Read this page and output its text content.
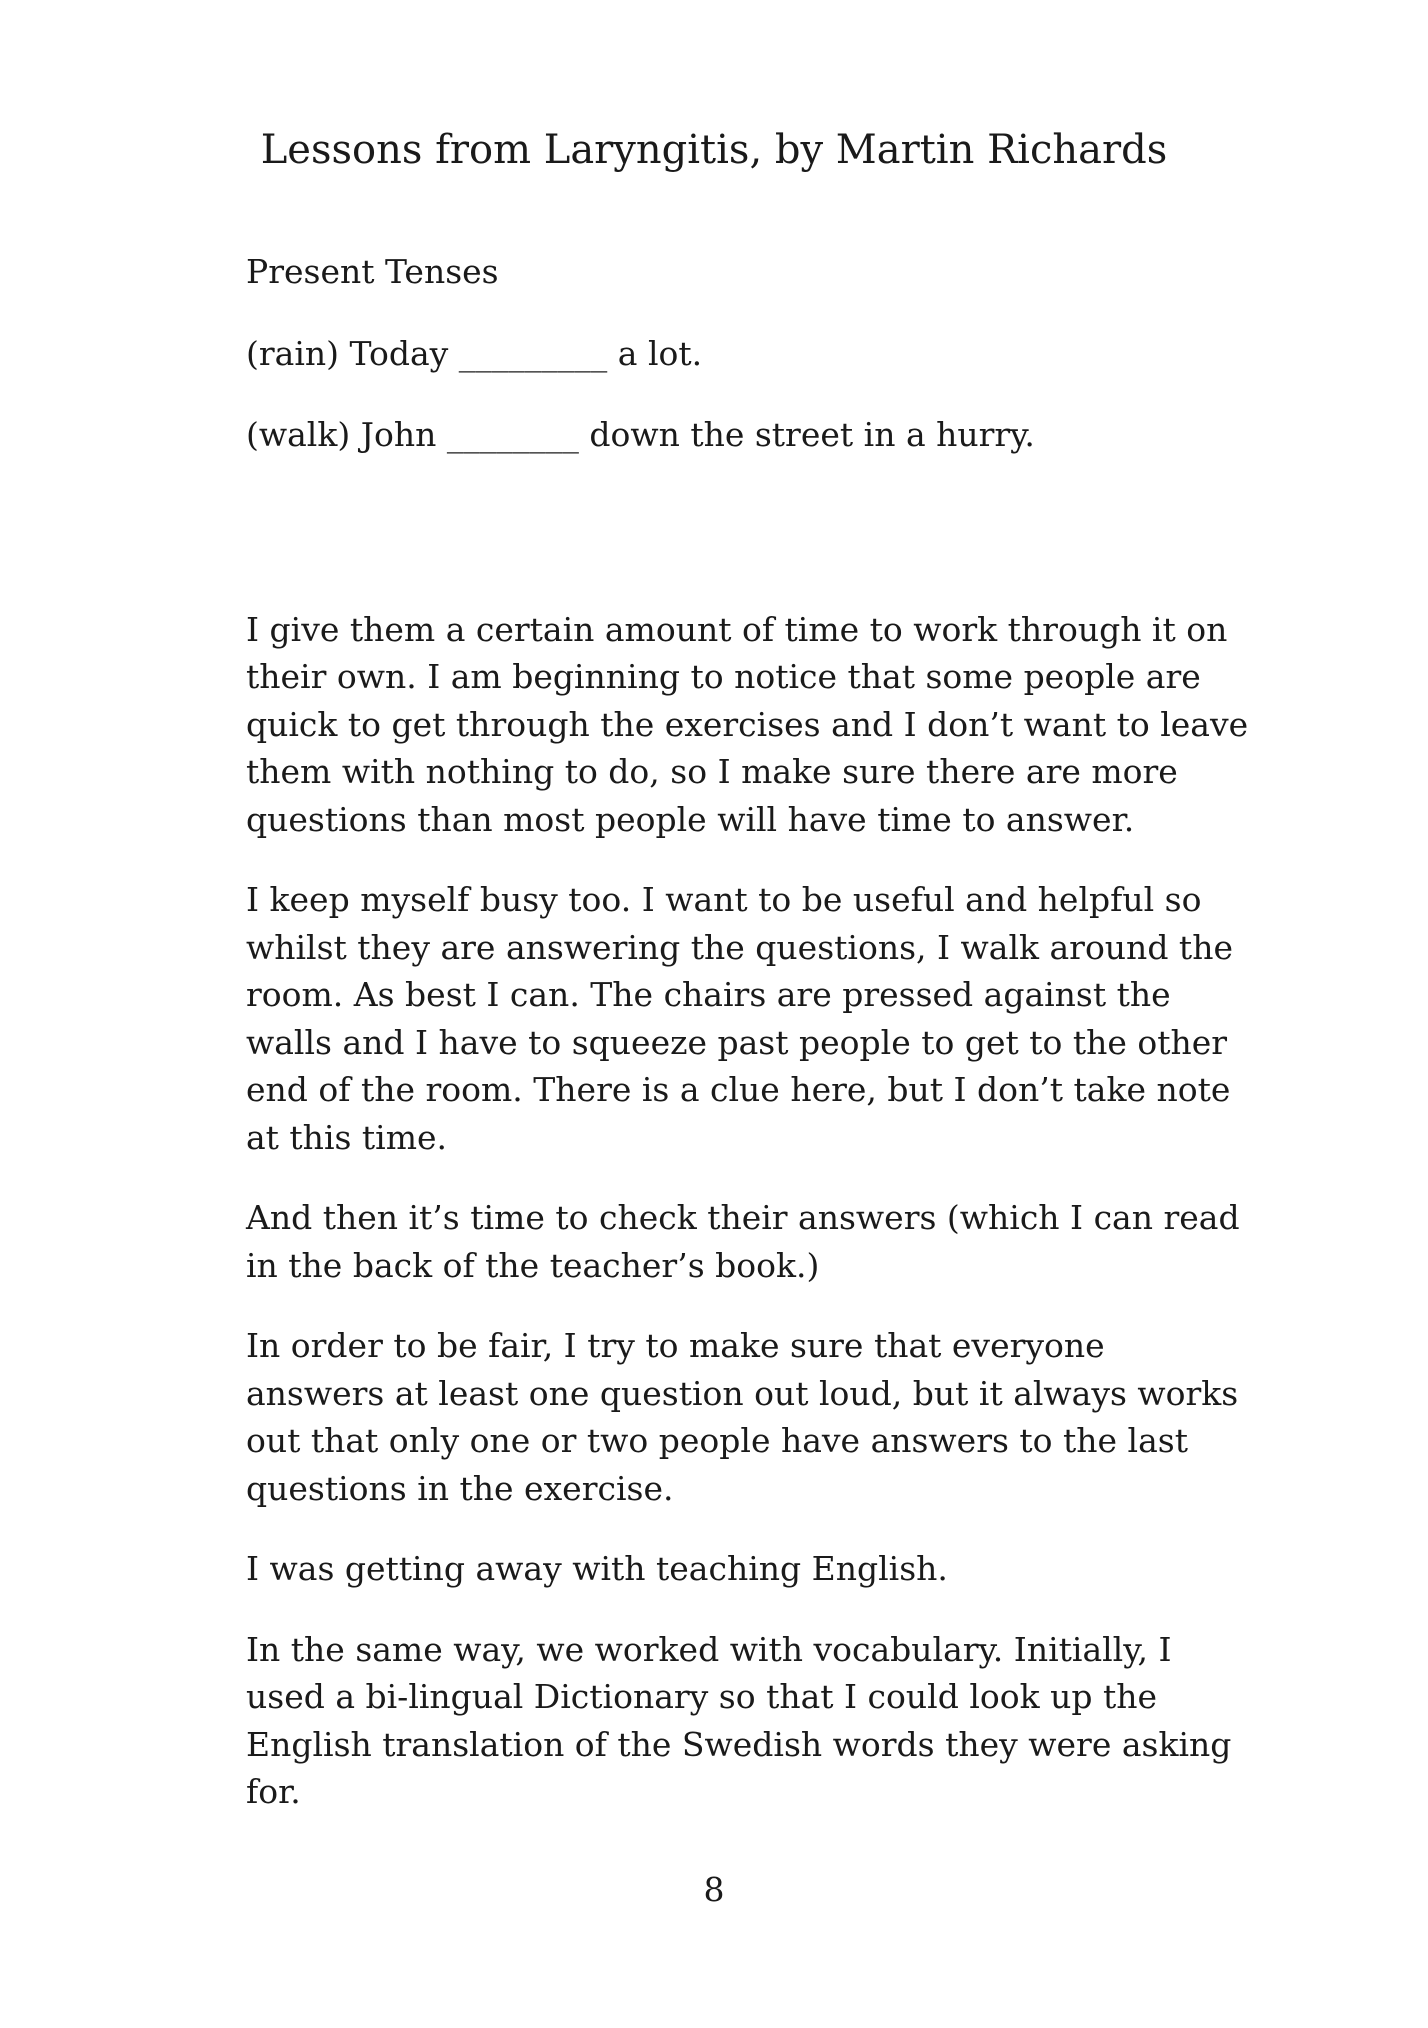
Lessons from Laryngitis, by Martin Richards

Present Tenses

(rain) Today _________ a lot.

(walk) John ________ down the street in a hurry.

I give them a certain amount of time to work through it on
their own. I am beginning to notice that some people are
quick to get through the exercises and I don’t want to leave
them with nothing to do, so I make sure there are more
questions than most people will have time to answer.

I keep myself busy too. I want to be useful and helpful so
whilst they are answering the questions, I walk around the
room. As best I can. The chairs are pressed against the
walls and I have to squeeze past people to get to the other
end of the room. There is a clue here, but I don’t take note
at this time.

And then it’s time to check their answers (which I can read
in the back of the teacher’s book.)

In order to be fair, I try to make sure that everyone
answers at least one question out loud, but it always works
out that only one or two people have answers to the last
questions in the exercise.

I was getting away with teaching English.

In the same way, we worked with vocabulary. Initially, I
used a bi-lingual Dictionary so that I could look up the
English translation of the Swedish words they were asking
for.

8
